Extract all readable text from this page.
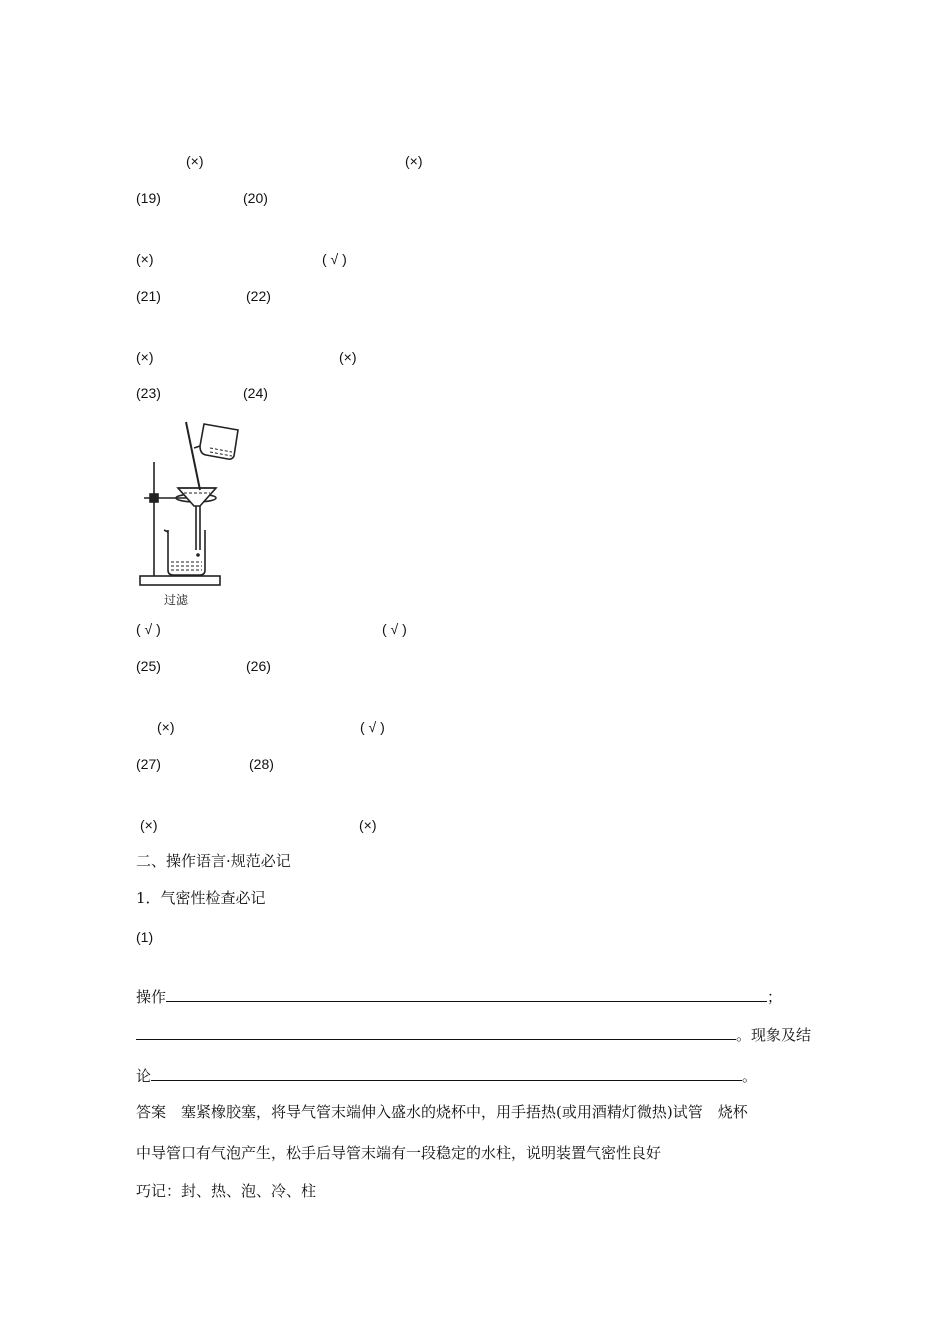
(×)	(×)
(19)	(20)
(×)	( √ )
(21)	(22)
(×)	(×)
(23)	(24)
过滤
( √ )	( √ )
(25)	(26)
(×)	( √ )
(27)	(28)
(×)	(×)
二、操作语言·规范必记
1．气密性检查必记
(1)
操作	；
。现象及结
论	。
答案　塞紧橡胶塞，将导气管末端伸入盛水的烧杯中，用手捂热(或用酒精灯微热)试管　烧杯
中导管口有气泡产生，松手后导管末端有一段稳定的水柱，说明装置气密性良好
巧记：封、热、泡、冷、柱
